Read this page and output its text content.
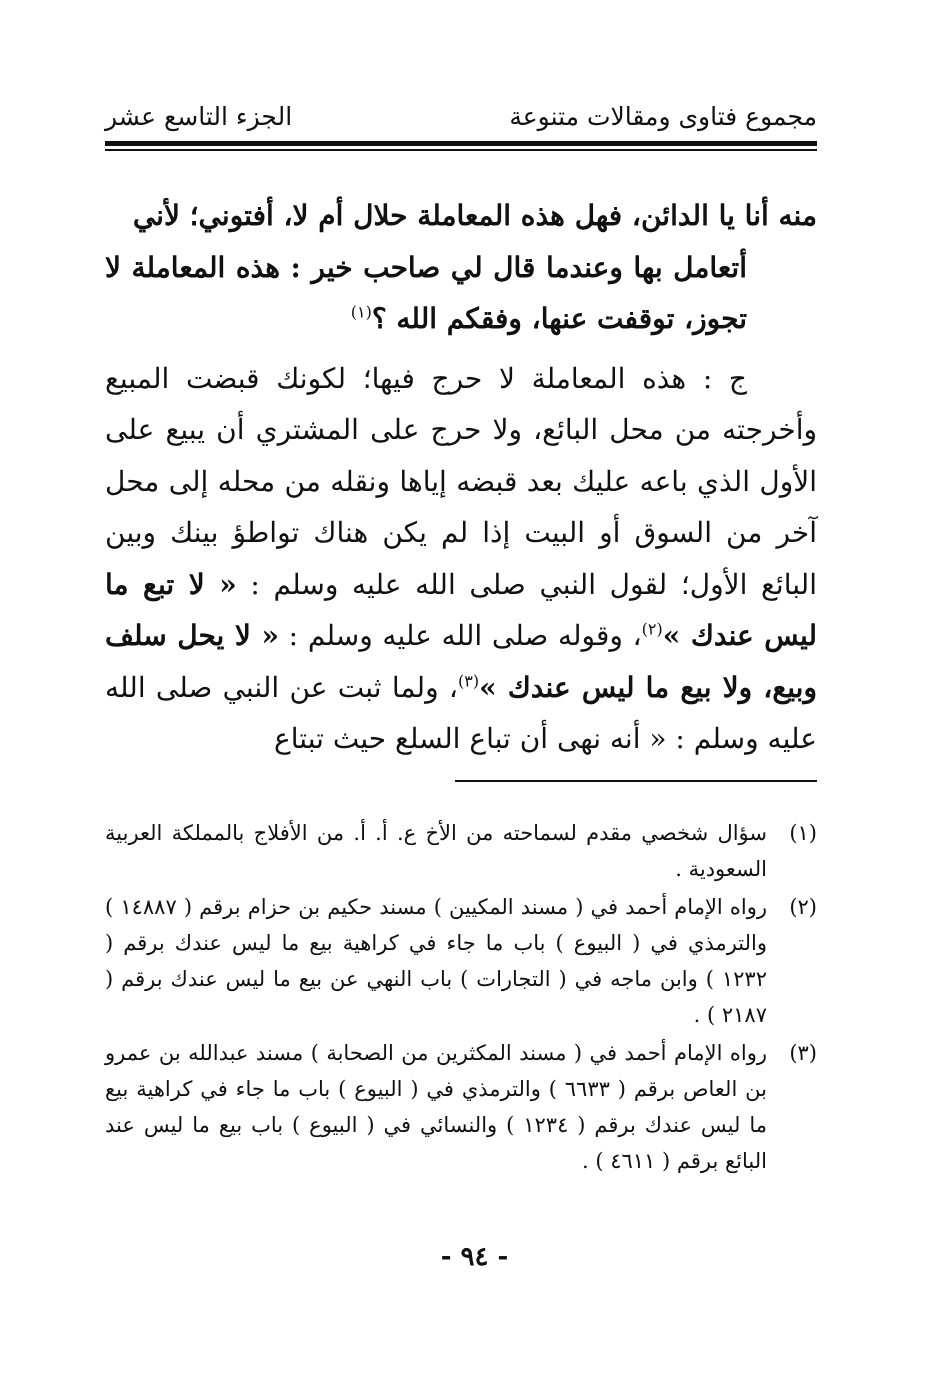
مجموع فتاوى ومقالات متنوعة
الجزء التاسع عشر

منه أنا يا الدائن، فهل هذه المعاملة حلال أم لا، أفتوني؛ لأني
أتعامل بها وعندما قال لي صاحب خير : هذه المعاملة لا تجوز، توقفت عنها، وفقكم الله ؟$^{(١)}$

ج : هذه المعاملة لا حرج فيها؛ لكونك قبضت المبيع وأخرجته من محل البائع، ولا حرج على المشتري أن يبيع على الأول الذي باعه عليك بعد قبضه إياها ونقله من محله إلى محل آخر من السوق أو البيت إذا لم يكن هناك تواطؤ بينك وبين البائع الأول؛ لقول النبي صلى الله عليه وسلم : « لا تبع ما ليس عندك »$^{(٢)}$، وقوله صلى الله عليه وسلم : « لا يحل سلف وبيع، ولا بيع ما ليس عندك »$^{(٣)}$، ولما ثبت عن النبي صلى الله عليه وسلم : « أنه نهى أن تباع السلع حيث تبتاع

(١)
سؤال شخصي مقدم لسماحته من الأخ ع. أ. أ. من الأفلاج بالمملكة العربية السعودية .
(٢)
رواه الإمام أحمد في ( مسند المكيين ) مسند حكيم بن حزام برقم ( ١٤٨٨٧ ) والترمذي في ( البيوع ) باب ما جاء في كراهية بيع ما ليس عندك برقم ( ١٢٣٢ ) وابن ماجه في ( التجارات ) باب النهي عن بيع ما ليس عندك برقم ( ٢١٨٧ ) .
(٣)
رواه الإمام أحمد في ( مسند المكثرين من الصحابة ) مسند عبدالله بن عمرو بن العاص برقم ( ٦٦٣٣ ) والترمذي في ( البيوع ) باب ما جاء في كراهية بيع ما ليس عندك برقم ( ١٢٣٤ ) والنسائي في ( البيوع ) باب بيع ما ليس عند البائع برقم ( ٤٦١١ ) .
- ٩٤ -
